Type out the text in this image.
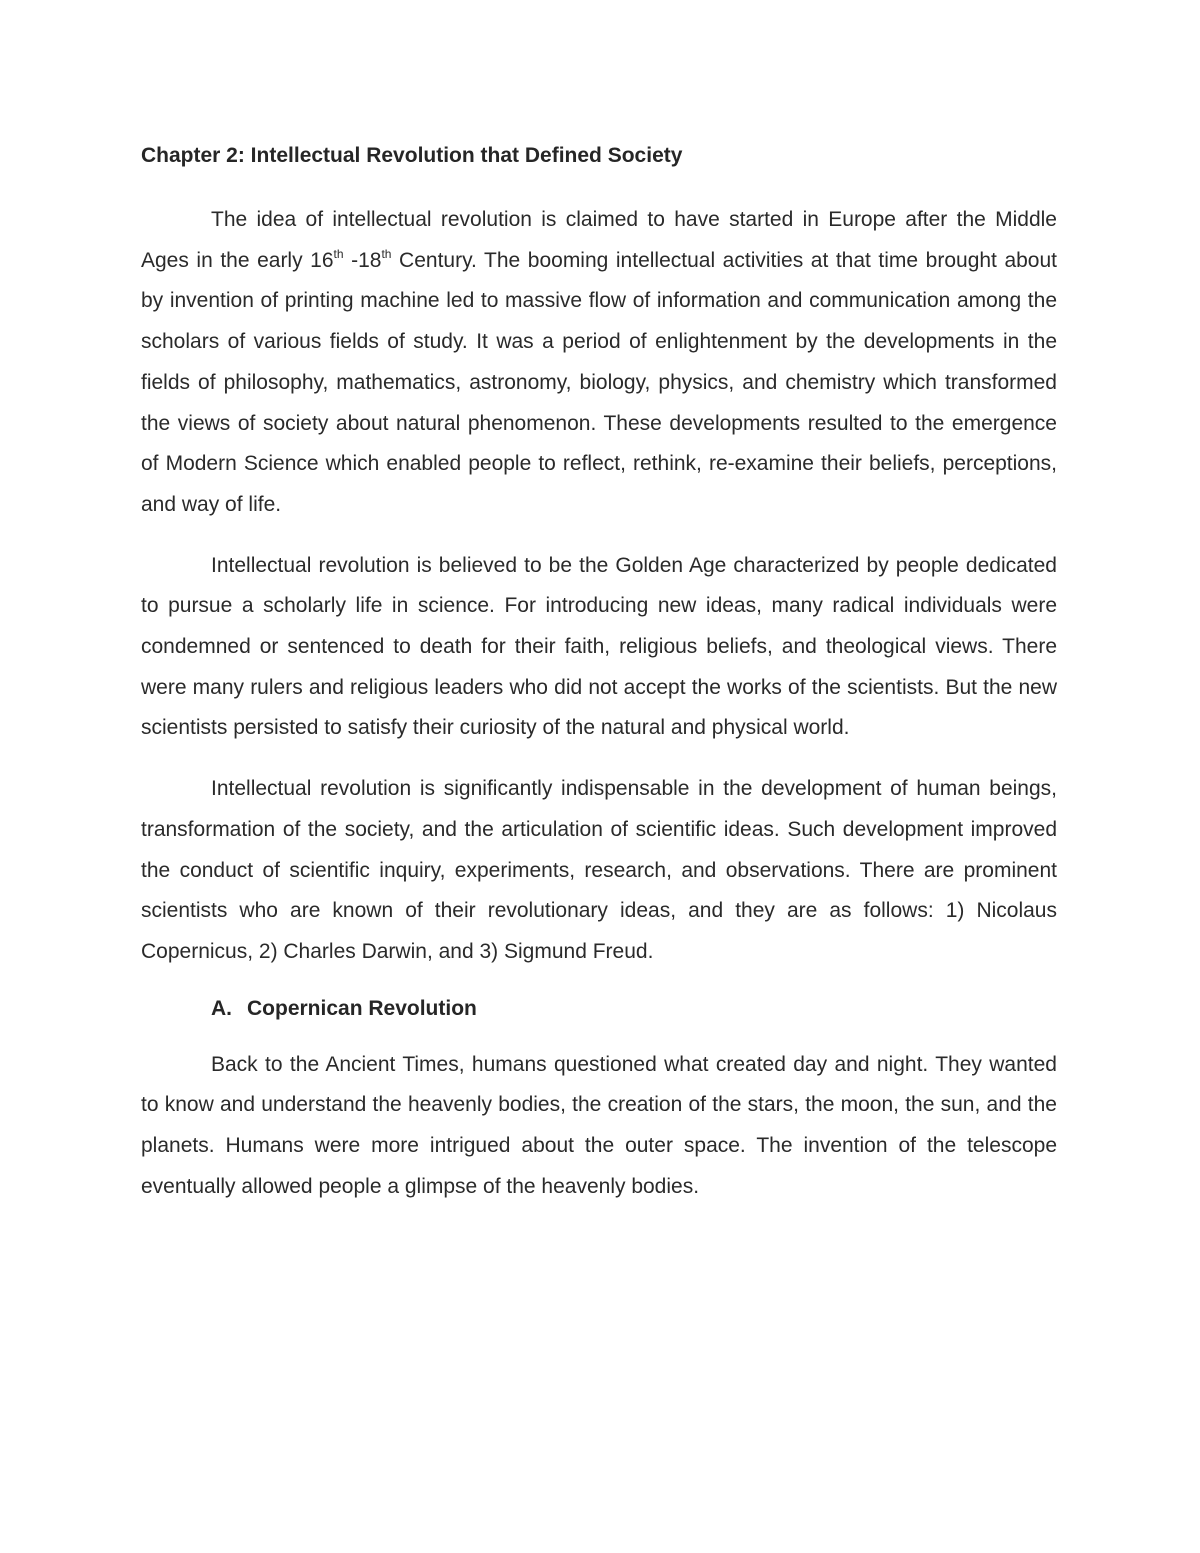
Chapter 2: Intellectual Revolution that Defined Society

The idea of intellectual revolution is claimed to have started in Europe after the Middle Ages in the early 16th -18th Century. The booming intellectual activities at that time brought about by invention of printing machine led to massive flow of information and communication among the scholars of various fields of study. It was a period of enlightenment by the developments in the fields of philosophy, mathematics, astronomy, biology, physics, and chemistry which transformed the views of society about natural phenomenon. These developments resulted to the emergence of Modern Science which enabled people to reflect, rethink, re-examine their beliefs, perceptions, and way of life.

Intellectual revolution is believed to be the Golden Age characterized by people dedicated to pursue a scholarly life in science. For introducing new ideas, many radical individuals were condemned or sentenced to death for their faith, religious beliefs, and theological views. There were many rulers and religious leaders who did not accept the works of the scientists. But the new scientists persisted to satisfy their curiosity of the natural and physical world.

Intellectual revolution is significantly indispensable in the development of human beings, transformation of the society, and the articulation of scientific ideas. Such development improved the conduct of scientific inquiry, experiments, research, and observations. There are prominent scientists who are known of their revolutionary ideas, and they are as follows: 1) Nicolaus Copernicus, 2) Charles Darwin, and 3) Sigmund Freud.

A. Copernican Revolution

Back to the Ancient Times, humans questioned what created day and night. They wanted to know and understand the heavenly bodies, the creation of the stars, the moon, the sun, and the planets. Humans were more intrigued about the outer space. The invention of the telescope eventually allowed people a glimpse of the heavenly bodies.
